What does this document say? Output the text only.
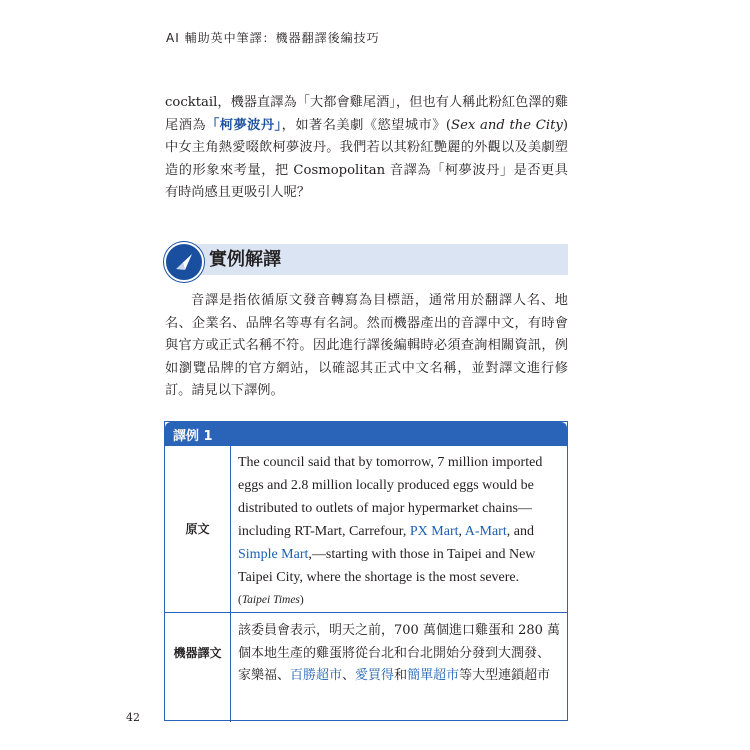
AI 輔助英中筆譯：機器翻譯後編技巧

cocktail，機器直譯為「大都會雞尾酒」，但也有人稱此粉紅色澤的雞尾酒為「柯夢波丹」，如著名美劇《慾望城市》(Sex and the City) 中女主角熱愛啜飲柯夢波丹。我們若以其粉紅艷麗的外觀以及美劇塑造的形象來考量，把 Cosmopolitan 音譯為「柯夢波丹」是否更具有時尚感且更吸引人呢？

實例解譯

音譯是指依循原文發音轉寫為目標語，通常用於翻譯人名、地名、企業名、品牌名等專有名詞。然而機器產出的音譯中文，有時會與官方或正式名稱不符。因此進行譯後編輯時必須查詢相關資訊，例如瀏覽品牌的官方網站，以確認其正式中文名稱，並對譯文進行修訂。請見以下譯例。

譯例 1
原文
The council said that by tomorrow, 7 million imported
eggs and 2.8 million locally produced eggs would be
distributed to outlets of major hypermarket chains—
including RT-Mart, Carrefour, PX Mart, A-Mart, and
Simple Mart,—starting with those in Taipei and New
Taipei City, where the shortage is the most severe.
(Taipei Times)
機器譯文
該委員會表示，明天之前，700 萬個進口雞蛋和 280 萬
個本地生產的雞蛋將從台北和台北開始分發到大潤發、
家樂福、百勝超市、愛買得和簡單超市等大型連鎖超市
42
